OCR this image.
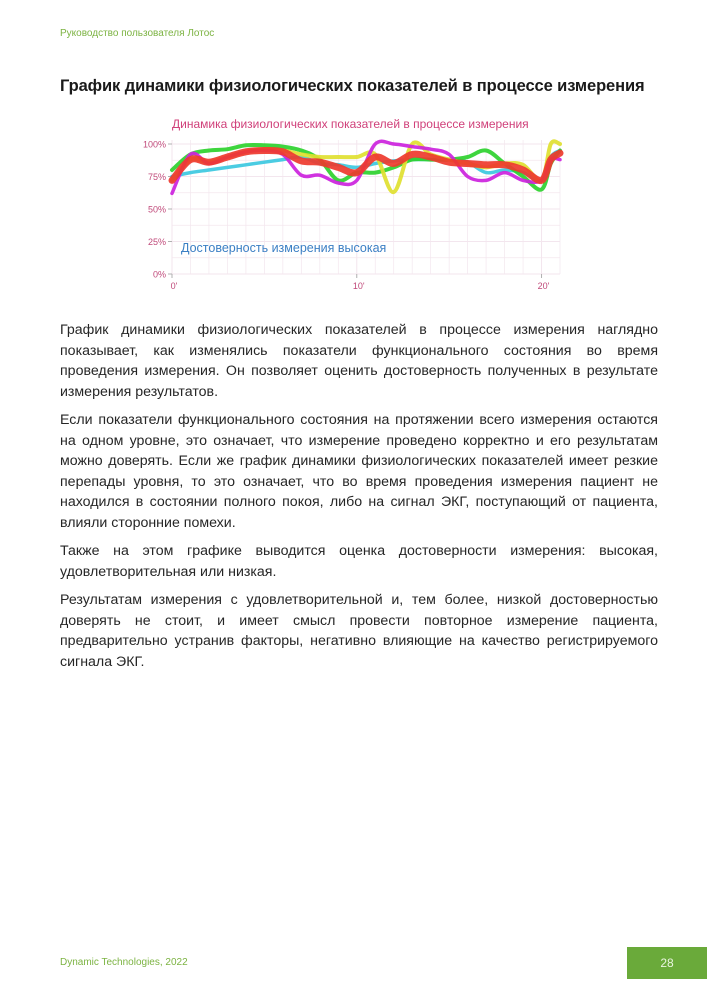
Руководство пользователя Лотос
График динамики физиологических показателей в процессе измерения
Динамика физиологических показателей в процессе измерения
0%
25%
50%
75%
100%
0'	10'	20'
Достоверность измерения высокая

График динамики физиологических показателей в процессе измерения наглядно показывает, как изменялись показатели функционального состояния во время проведения измерения. Он позволяет оценить достоверность полученных в результате измерения результатов.

Если показатели функционального состояния на протяжении всего измерения остаются на одном уровне, это означает, что измерение проведено корректно и его результатам можно доверять. Если же график динамики физиологических показателей имеет резкие перепады уровня, то это означает, что во время проведения измерения пациент не находился в состоянии полного покоя, либо на сигнал ЭКГ, поступающий от пациента, влияли сторонние помехи.

Также на этом графике выводится оценка достоверности измерения: высокая, удовлетворительная или низкая.

Результатам измерения с удовлетворительной и, тем более, низкой достоверностью доверять не стоит, и имеет смысл провести повторное измерение пациента, предварительно устранив факторы, негативно влияющие на качество регистрируемого сигнала ЭКГ.

Dynamic Technologies, 2022	28
